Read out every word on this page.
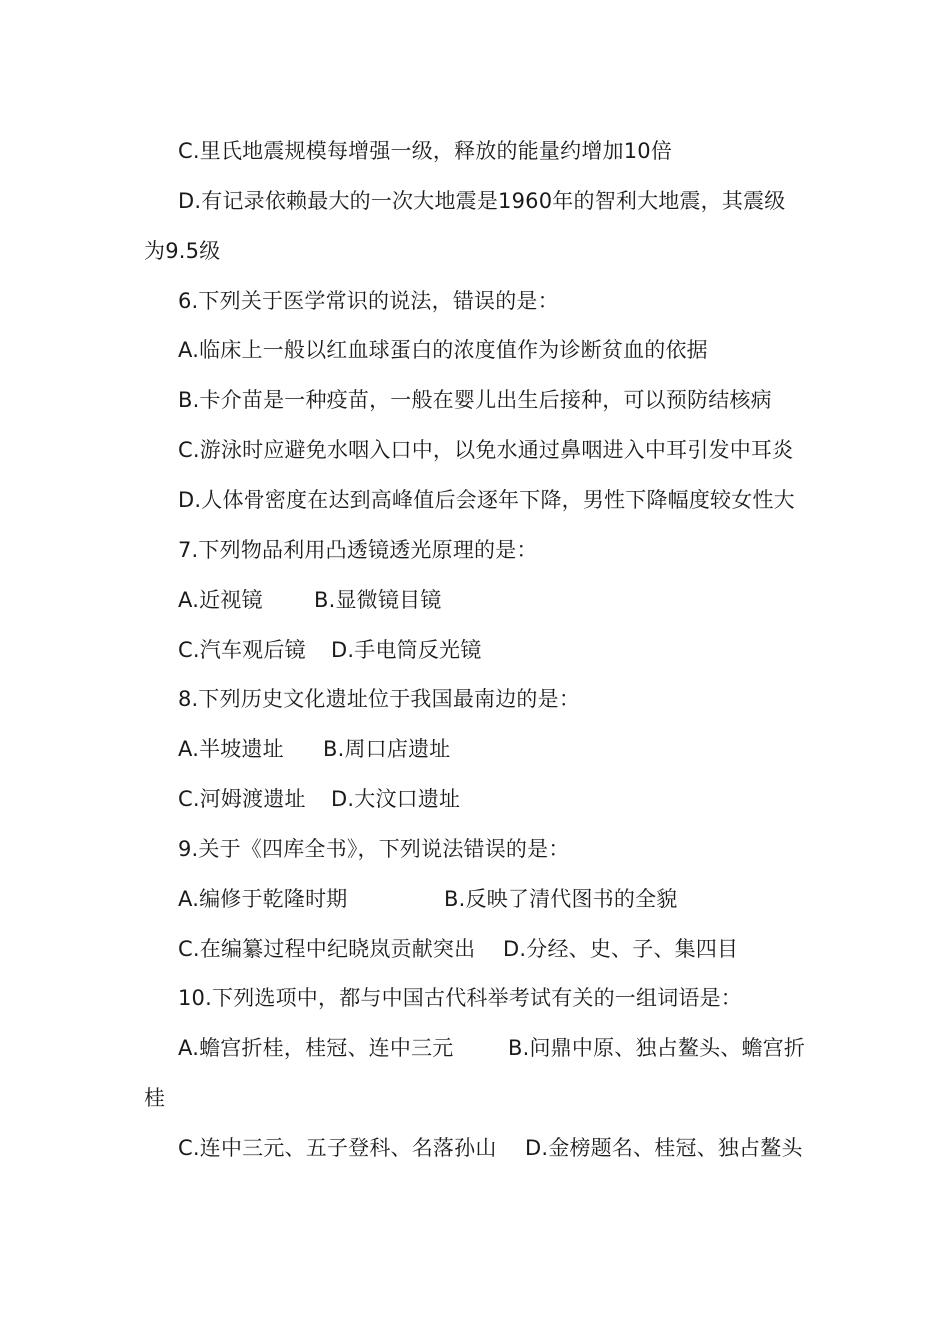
C.里氏地震规模每增强一级，释放的能量约增加10倍
D.有记录依赖最大的一次大地震是1960年的智利大地震，其震级
为9.5级
6.下列关于医学常识的说法，错误的是：
A.临床上一般以红血球蛋白的浓度值作为诊断贫血的依据
B.卡介苗是一种疫苗，一般在婴儿出生后接种，可以预防结核病
C.游泳时应避免水咽入口中，以免水通过鼻咽进入中耳引发中耳炎
D.人体骨密度在达到高峰值后会逐年下降，男性下降幅度较女性大
7.下列物品利用凸透镜透光原理的是：
A.近视镜 B.显微镜目镜
C.汽车观后镜 D.手电筒反光镜
8.下列历史文化遗址位于我国最南边的是：
A.半坡遗址 B.周口店遗址
C.河姆渡遗址 D.大汶口遗址
9.关于《四库全书》，下列说法错误的是：
A.编修于乾隆时期	B.反映了清代图书的全貌
C.在编纂过程中纪晓岚贡献突出 D.分经、史、子、集四目
10.下列选项中，都与中国古代科举考试有关的一组词语是：
A.蟾宫折桂，桂冠、连中三元	B.问鼎中原、独占鳌头、蟾宫折
桂
C.连中三元、五子登科、名落孙山 D.金榜题名、桂冠、独占鳌头
